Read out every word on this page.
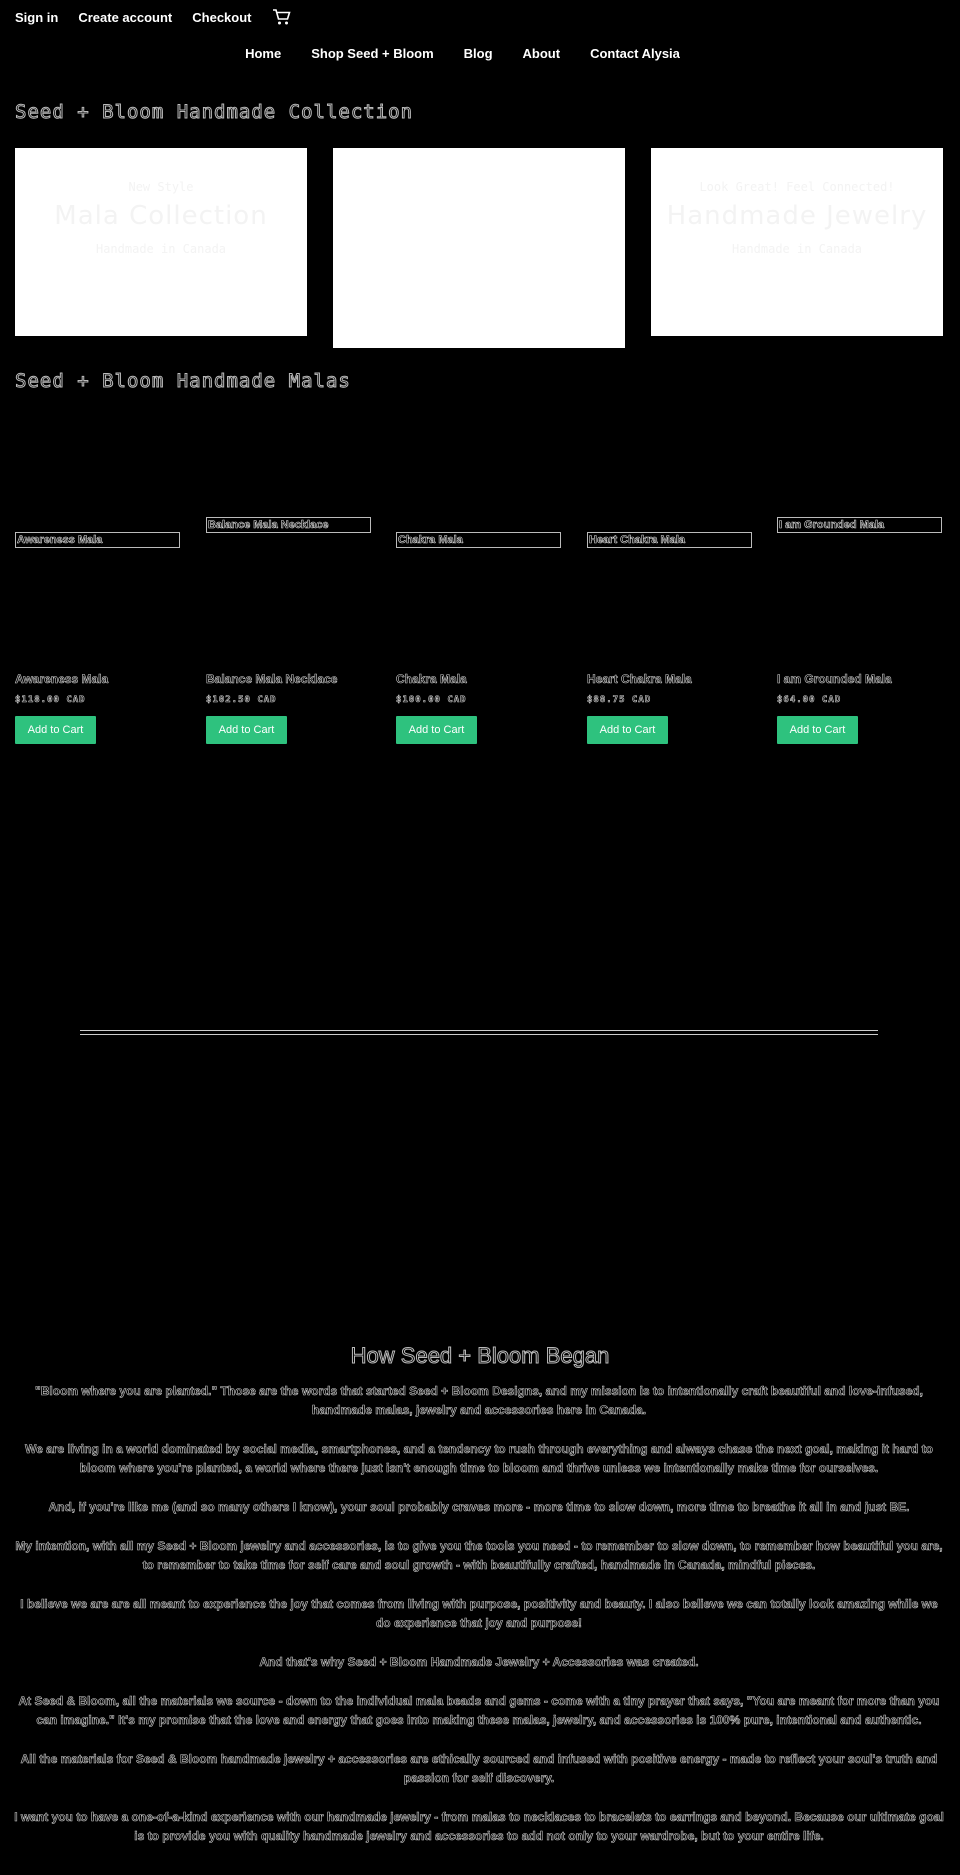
Sign in Create account Checkout
Home Shop Seed + Bloom Blog About Contact Alysia
Seed + Bloom Handmade Collection
New Style
Mala Collection
Handmade in Canada
Look Great! Feel Connected!
Handmade Jewelry
Handmade in Canada
Seed + Bloom Handmade Malas
Awareness Mala
Awareness Mala
$118.00 CAD
Add to Cart
Balance Mala Necklace
Balance Mala Necklace
$102.50 CAD
Add to Cart
Chakra Mala
Chakra Mala
$100.00 CAD
Add to Cart
Heart Chakra Mala
Heart Chakra Mala
$88.75 CAD
Add to Cart
I am Grounded Mala
I am Grounded Mala
$64.00 CAD
Add to Cart
How Seed + Bloom Began

"Bloom where you are planted." Those are the words that started Seed + Bloom Designs, and my mission is to intentionally craft beautiful and love-infused,
handmade malas, jewelry and accessories here in Canada.

We are living in a world dominated by social media, smartphones, and a tendency to rush through everything and always chase the next goal, making it hard to bloom where you're planted, a world where there just isn't enough time to bloom and thrive unless we intentionally make time for ourselves.

And, if you're like me (and so many others I know), your soul probably craves more - more time to slow down, more time to breathe it all in and just BE.

My intention, with all my Seed + Bloom jewelry and accessories, is to give you the tools you need - to remember to slow down, to remember how beautiful you are, to remember to take time for self care and soul growth - with beautifully crafted, handmade in Canada, mindful pieces.

I believe we are are all meant to experience the joy that comes from living with purpose, positivity and beauty. I also believe we can totally look amazing while we do experience that joy and purpose!

And that's why Seed + Bloom Handmade Jewelry + Accessories was created.

At Seed & Bloom, all the materials we source - down to the individual mala beads and gems - come with a tiny prayer that says, "You are meant for more than you can imagine." It's my promise that the love and energy that goes into making these malas, jewelry, and accessories is 100% pure, intentional and authentic.

All the materials for Seed & Bloom handmade jewelry + accessories are ethically sourced and infused with positive energy - made to reflect your soul's truth and passion for self discovery.

I want you to have a one-of-a-kind experience with our handmade jewelry - from malas to necklaces to bracelets to earrings and beyond. Because our ultimate goal is to provide you with quality handmade jewelry and accessories to add not only to your wardrobe, but to your entire life.
